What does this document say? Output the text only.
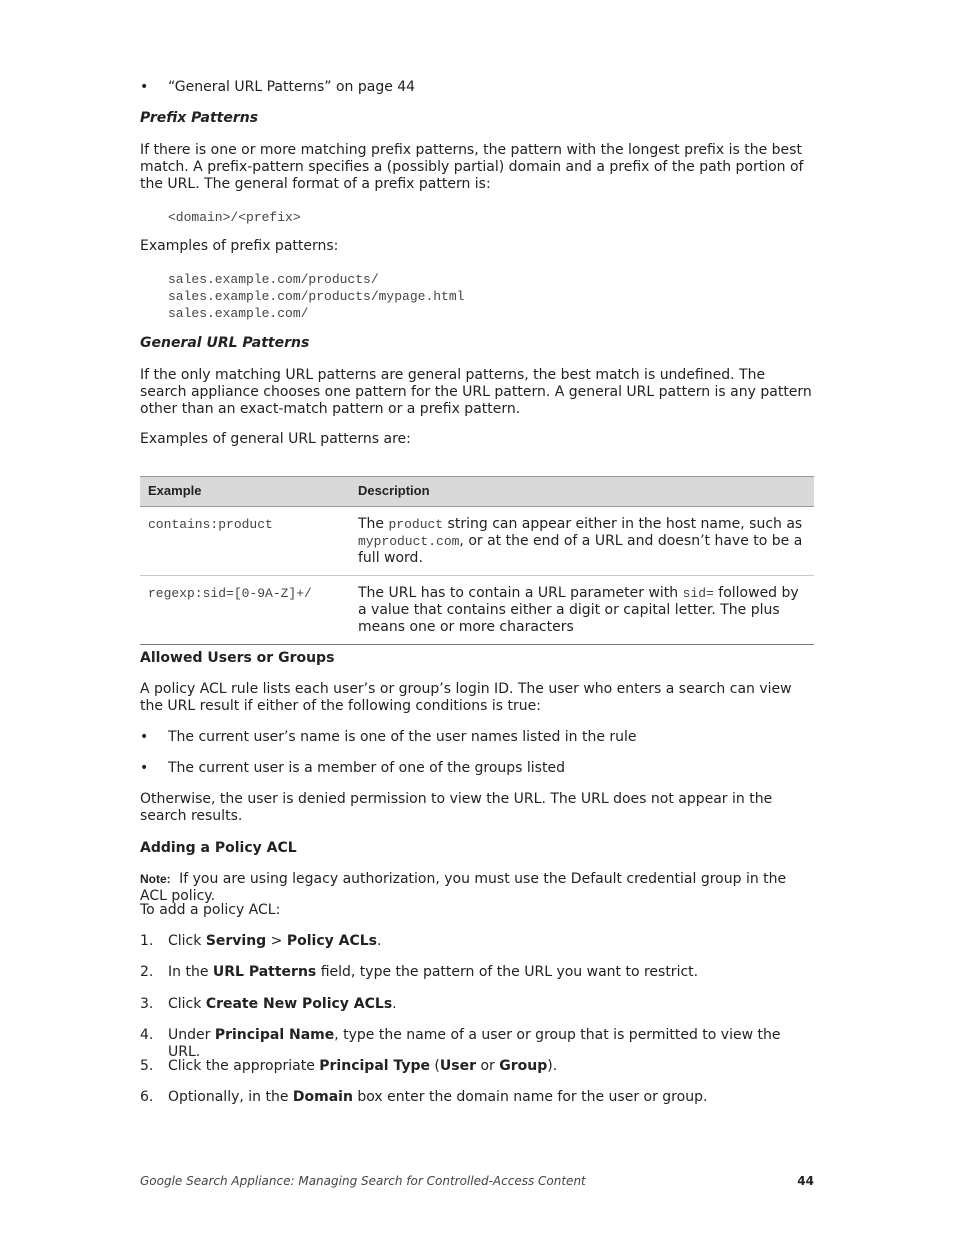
•	“General URL Patterns” on page 44
Prefix Patterns
If there is one or more matching prefix patterns, the pattern with the longest prefix is the best match. A prefix-pattern specifies a (possibly partial) domain and a prefix of the path portion of the URL. The general format of a prefix pattern is:
<domain>/<prefix>
Examples of prefix patterns:
sales.example.com/products/
sales.example.com/products/mypage.html
sales.example.com/
General URL Patterns
If the only matching URL patterns are general patterns, the best match is undefined. The search appliance chooses one pattern for the URL pattern. A general URL pattern is any pattern other than an exact-match pattern or a prefix pattern.
Examples of general URL patterns are:
Example	Description
contains:product	The product string can appear either in the host name, such as myproduct.com, or at the end of a URL and doesn’t have to be a full word.
regexp:sid=[0-9A-Z]+/	The URL has to contain a URL parameter with sid= followed by a value that contains either a digit or capital letter. The plus means one or more characters
Allowed Users or Groups
A policy ACL rule lists each user’s or group’s login ID. The user who enters a search can view the URL result if either of the following conditions is true:
•	The current user’s name is one of the user names listed in the rule
•	The current user is a member of one of the groups listed
Otherwise, the user is denied permission to view the URL. The URL does not appear in the search results.
Adding a Policy ACL
Note: If you are using legacy authorization, you must use the Default credential group in the ACL policy.
To add a policy ACL:
1. Click Serving > Policy ACLs.
2. In the URL Patterns field, type the pattern of the URL you want to restrict.
3. Click Create New Policy ACLs.
4. Under Principal Name, type the name of a user or group that is permitted to view the URL.
5. Click the appropriate Principal Type (User or Group).
6. Optionally, in the Domain box enter the domain name for the user or group.
Google Search Appliance: Managing Search for Controlled-Access Content	44
